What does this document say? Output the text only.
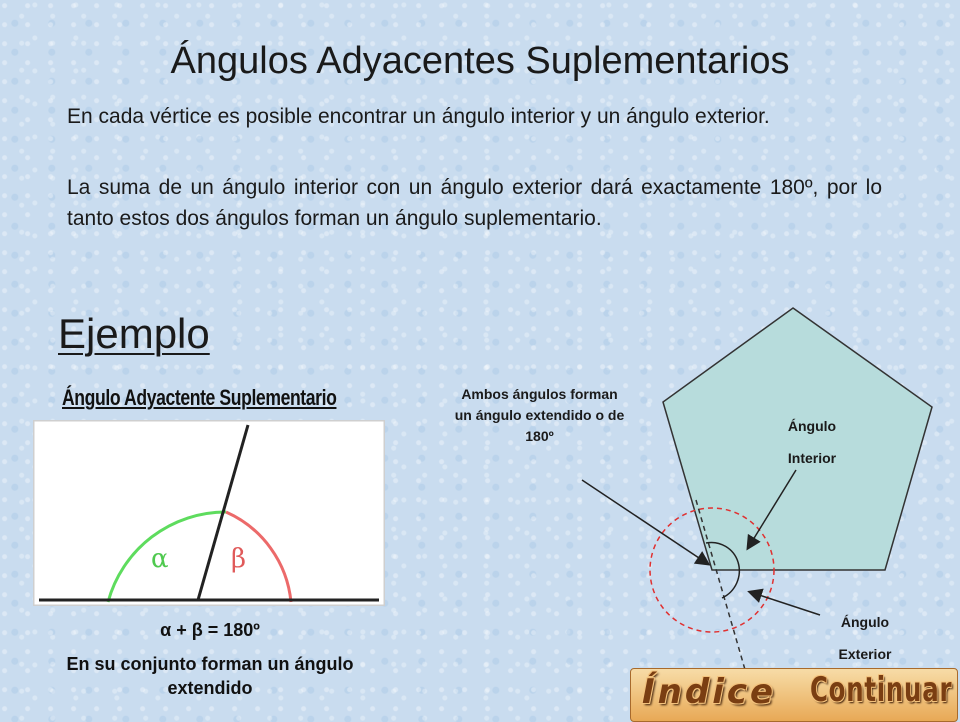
Ángulos Adyacentes Suplementarios

En cada vértice es posible encontrar un ángulo interior y un ángulo exterior.

La suma de un ángulo interior con un ángulo exterior dará exactamente 180º, por lo tanto estos dos ángulos forman un ángulo suplementario.

Ejemplo
Ángulo Adyactente Suplementario
α β
α + β = 180º
En su conjunto forman un ángulo extendido
Ambos ángulos forman un ángulo extendido o de 180º
Ángulo
Interior
Ángulo
Exterior
Índice Continuar
